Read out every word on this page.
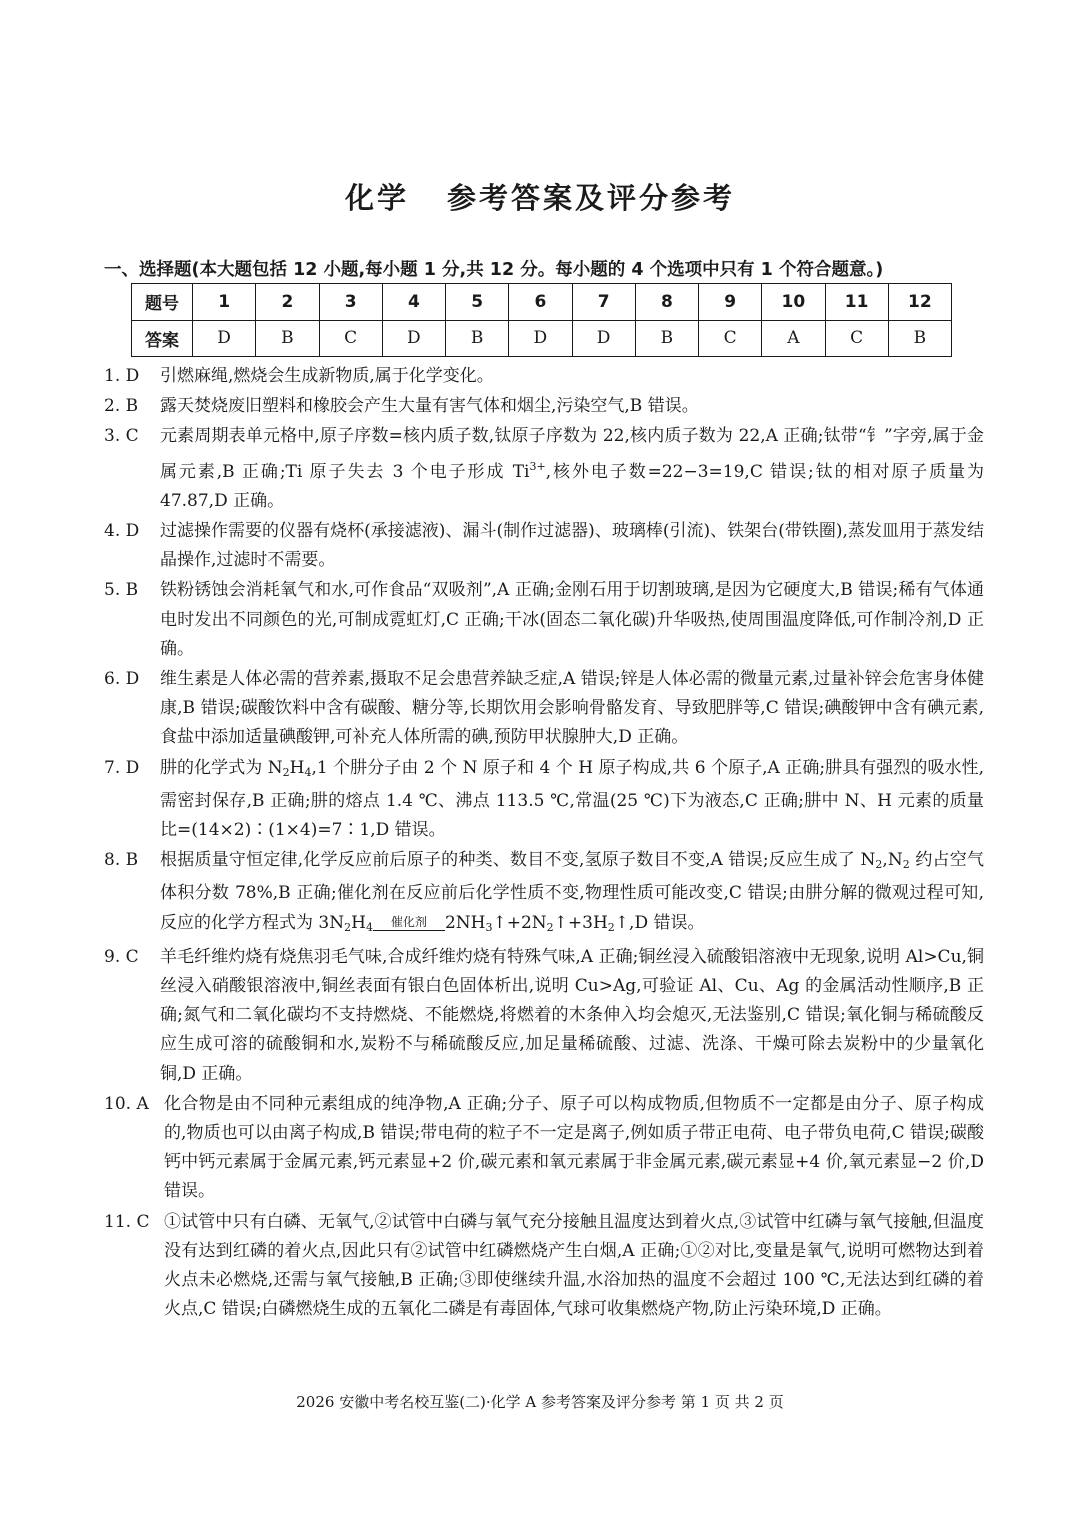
化学 参考答案及评分参考
一、选择题(本大题包括 12 小题,每小题 1 分,共 12 分。每小题的 4 个选项中只有 1 个符合题意。)
题号	1	2	3	4	5	6	7	8	9	10	11	12
答案	D	B	C	D	B	D	D	B	C	A	C	B
1. D	引燃麻绳,燃烧会生成新物质,属于化学变化。
2. B	露天焚烧废旧塑料和橡胶会产生大量有害气体和烟尘,污染空气,B 错误。
3. C	元素周期表单元格中,原子序数=核内质子数,钛原子序数为 22,核内质子数为 22,A 正确;钛带“钅”字旁,属于金属元素,B 正确;Ti 原子失去 3 个电子形成 $Ti^{3+}$,核外电子数=22−3=19,C 错误;钛的相对原子质量为 47.87,D 正确。
4. D	过滤操作需要的仪器有烧杯(承接滤液)、漏斗(制作过滤器)、玻璃棒(引流)、铁架台(带铁圈),蒸发皿用于蒸发结晶操作,过滤时不需要。
5. B	铁粉锈蚀会消耗氧气和水,可作食品“双吸剂”,A 正确;金刚石用于切割玻璃,是因为它硬度大,B 错误;稀有气体通电时发出不同颜色的光,可制成霓虹灯,C 正确;干冰(固态二氧化碳)升华吸热,使周围温度降低,可作制冷剂,D 正确。
6. D	维生素是人体必需的营养素,摄取不足会患营养缺乏症,A 错误;锌是人体必需的微量元素,过量补锌会危害身体健康,B 错误;碳酸饮料中含有碳酸、糖分等,长期饮用会影响骨骼发育、导致肥胖等,C 错误;碘酸钾中含有碘元素,食盐中添加适量碘酸钾,可补充人体所需的碘,预防甲状腺肿大,D 正确。
7. D	肼的化学式为 $N_2H_4,1$ 个肼分子由 2 个 N 原子和 4 个 H 原子构成,共 6 个原子,A 正确;肼具有强烈的吸水性,需密封保存,B 正确;肼的熔点 1.4 ℃、沸点 113.5 ℃,常温(25 ℃)下为液态,C 正确;肼中 N、H 元素的质量比=(14×2)∶(1×4)=7∶1,D 错误。
8. B	根据质量守恒定律,化学反应前后原子的种类、数目不变,氢原子数目不变,A 错误;反应生成了 $N_2,N_2$ 约占空气体积分数 78%,B 正确;催化剂在反应前后化学性质不变,物理性质可能改变,C 错误;由肼分解的微观过程可知,反应的化学方程式为 $3N_2H_4$	催化剂	$2NH_3↑+2N_2↑+3H_2↑,D$ 错误。
9. C	羊毛纤维灼烧有烧焦羽毛气味,合成纤维灼烧有特殊气味,A 正确;铜丝浸入硫酸铝溶液中无现象,说明 Al>Cu,铜丝浸入硝酸银溶液中,铜丝表面有银白色固体析出,说明 Cu>Ag,可验证 Al、Cu、Ag 的金属活动性顺序,B 正确;氮气和二氧化碳均不支持燃烧、不能燃烧,将燃着的木条伸入均会熄灭,无法鉴别,C 错误;氧化铜与稀硫酸反应生成可溶的硫酸铜和水,炭粉不与稀硫酸反应,加足量稀硫酸、过滤、洗涤、干燥可除去炭粉中的少量氧化铜,D 正确。
10. A 化合物是由不同种元素组成的纯净物,A 正确;分子、原子可以构成物质,但物质不一定都是由分子、原子构成的,物质也可以由离子构成,B 错误;带电荷的粒子不一定是离子,例如质子带正电荷、电子带负电荷,C 错误;碳酸钙中钙元素属于金属元素,钙元素显+2 价,碳元素和氧元素属于非金属元素,碳元素显+4 价,氧元素显−2 价,D 错误。
11. C ①试管中只有白磷、无氧气,②试管中白磷与氧气充分接触且温度达到着火点,③试管中红磷与氧气接触,但温度没有达到红磷的着火点,因此只有②试管中红磷燃烧产生白烟,A 正确;①②对比,变量是氧气,说明可燃物达到着火点未必燃烧,还需与氧气接触,B 正确;③即使继续升温,水浴加热的温度不会超过 100 ℃,无法达到红磷的着火点,C 错误;白磷燃烧生成的五氧化二磷是有毒固体,气球可收集燃烧产物,防止污染环境,D 正确。
2026 安徽中考名校互鉴(二)·化学 A 参考答案及评分参考 第 1 页 共 2 页
